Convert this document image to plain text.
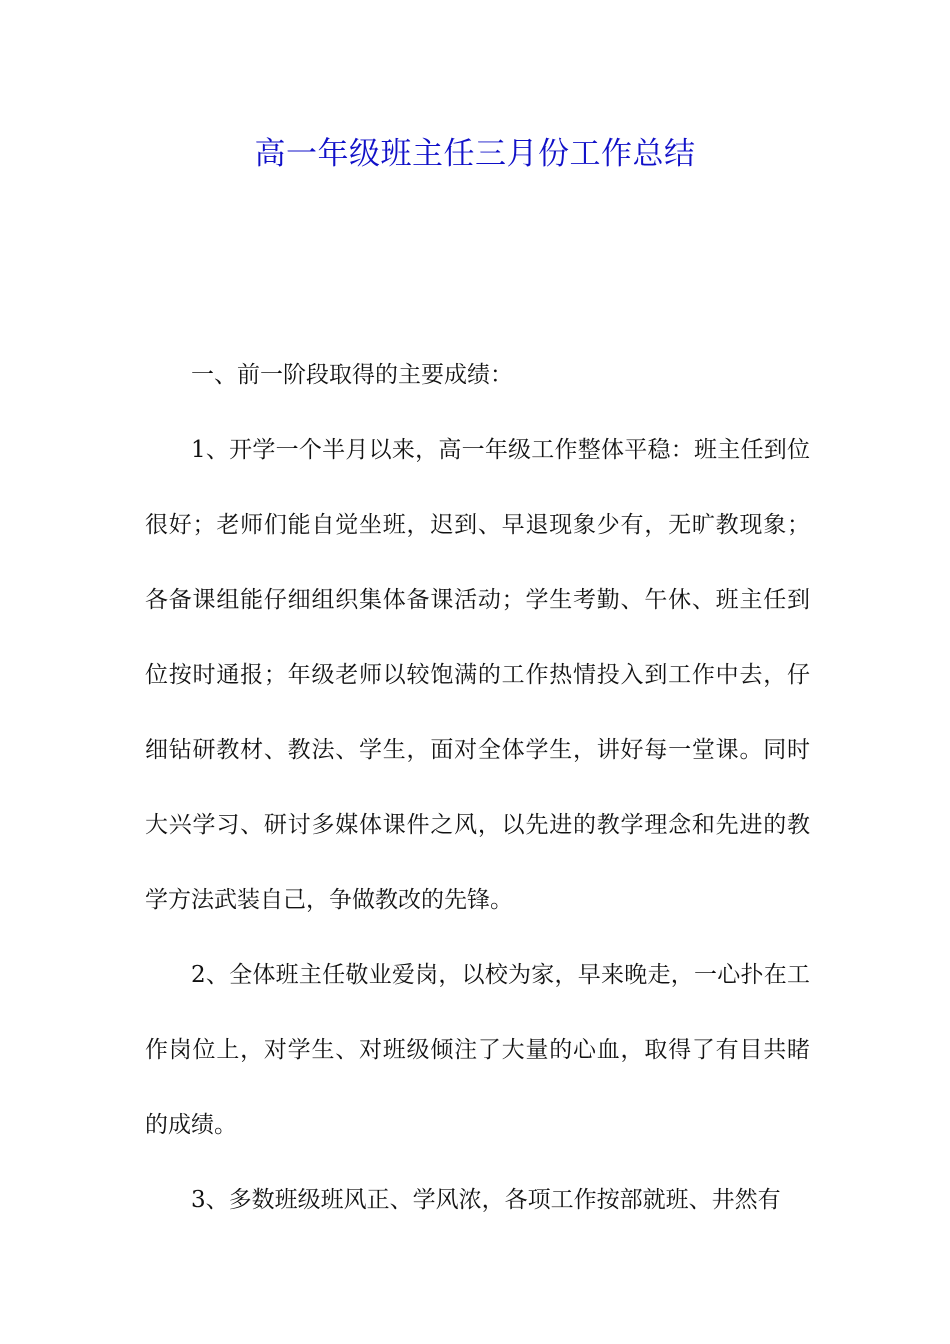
高一年级班主任三月份工作总结

一、前一阶段取得的主要成绩：

1、开学一个半月以来，高一年级工作整体平稳：班主任到位很好；老师们能自觉坐班，迟到、早退现象少有，无旷教现象；各备课组能仔细组织集体备课活动；学生考勤、午休、班主任到位按时通报；年级老师以较饱满的工作热情投入到工作中去，仔细钻研教材、教法、学生，面对全体学生，讲好每一堂课。同时大兴学习、研讨多媒体课件之风，以先进的教学理念和先进的教学方法武装自己，争做教改的先锋。

2、全体班主任敬业爱岗，以校为家，早来晚走，一心扑在工作岗位上，对学生、对班级倾注了大量的心血，取得了有目共睹的成绩。

3、多数班级班风正、学风浓，各项工作按部就班、井然有
